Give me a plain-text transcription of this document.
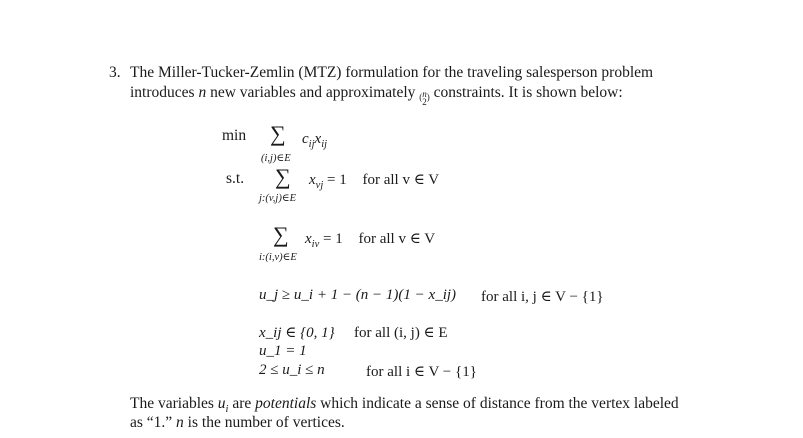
3. The Miller-Tucker-Zemlin (MTZ) formulation for the traveling salesperson problem
introduces n new variables and approximately ( n
2 ) constraints. It is shown below:
min ∑ $c_{ij}x_{ij}$
(i,j)∈E
s.t. ∑ $x_{vj} = 1$ for all v ∈ V
j:(v,j)∈E
∑ $x_{iv} = 1$ for all v ∈ V
i:(i,v)∈E
u_j ≥ u_i + 1 − (n − 1)(1 − x_ij) for all i, j ∈ V − {1}
x_ij ∈ {0, 1} for all (i, j) ∈ E
u_1 = 1
2 ≤ u_i ≤ n	for all i ∈ V − {1}
The variables $u_i$ are potentials which indicate a sense of distance from the vertex labeled
as “1.” n is the number of vertices.
